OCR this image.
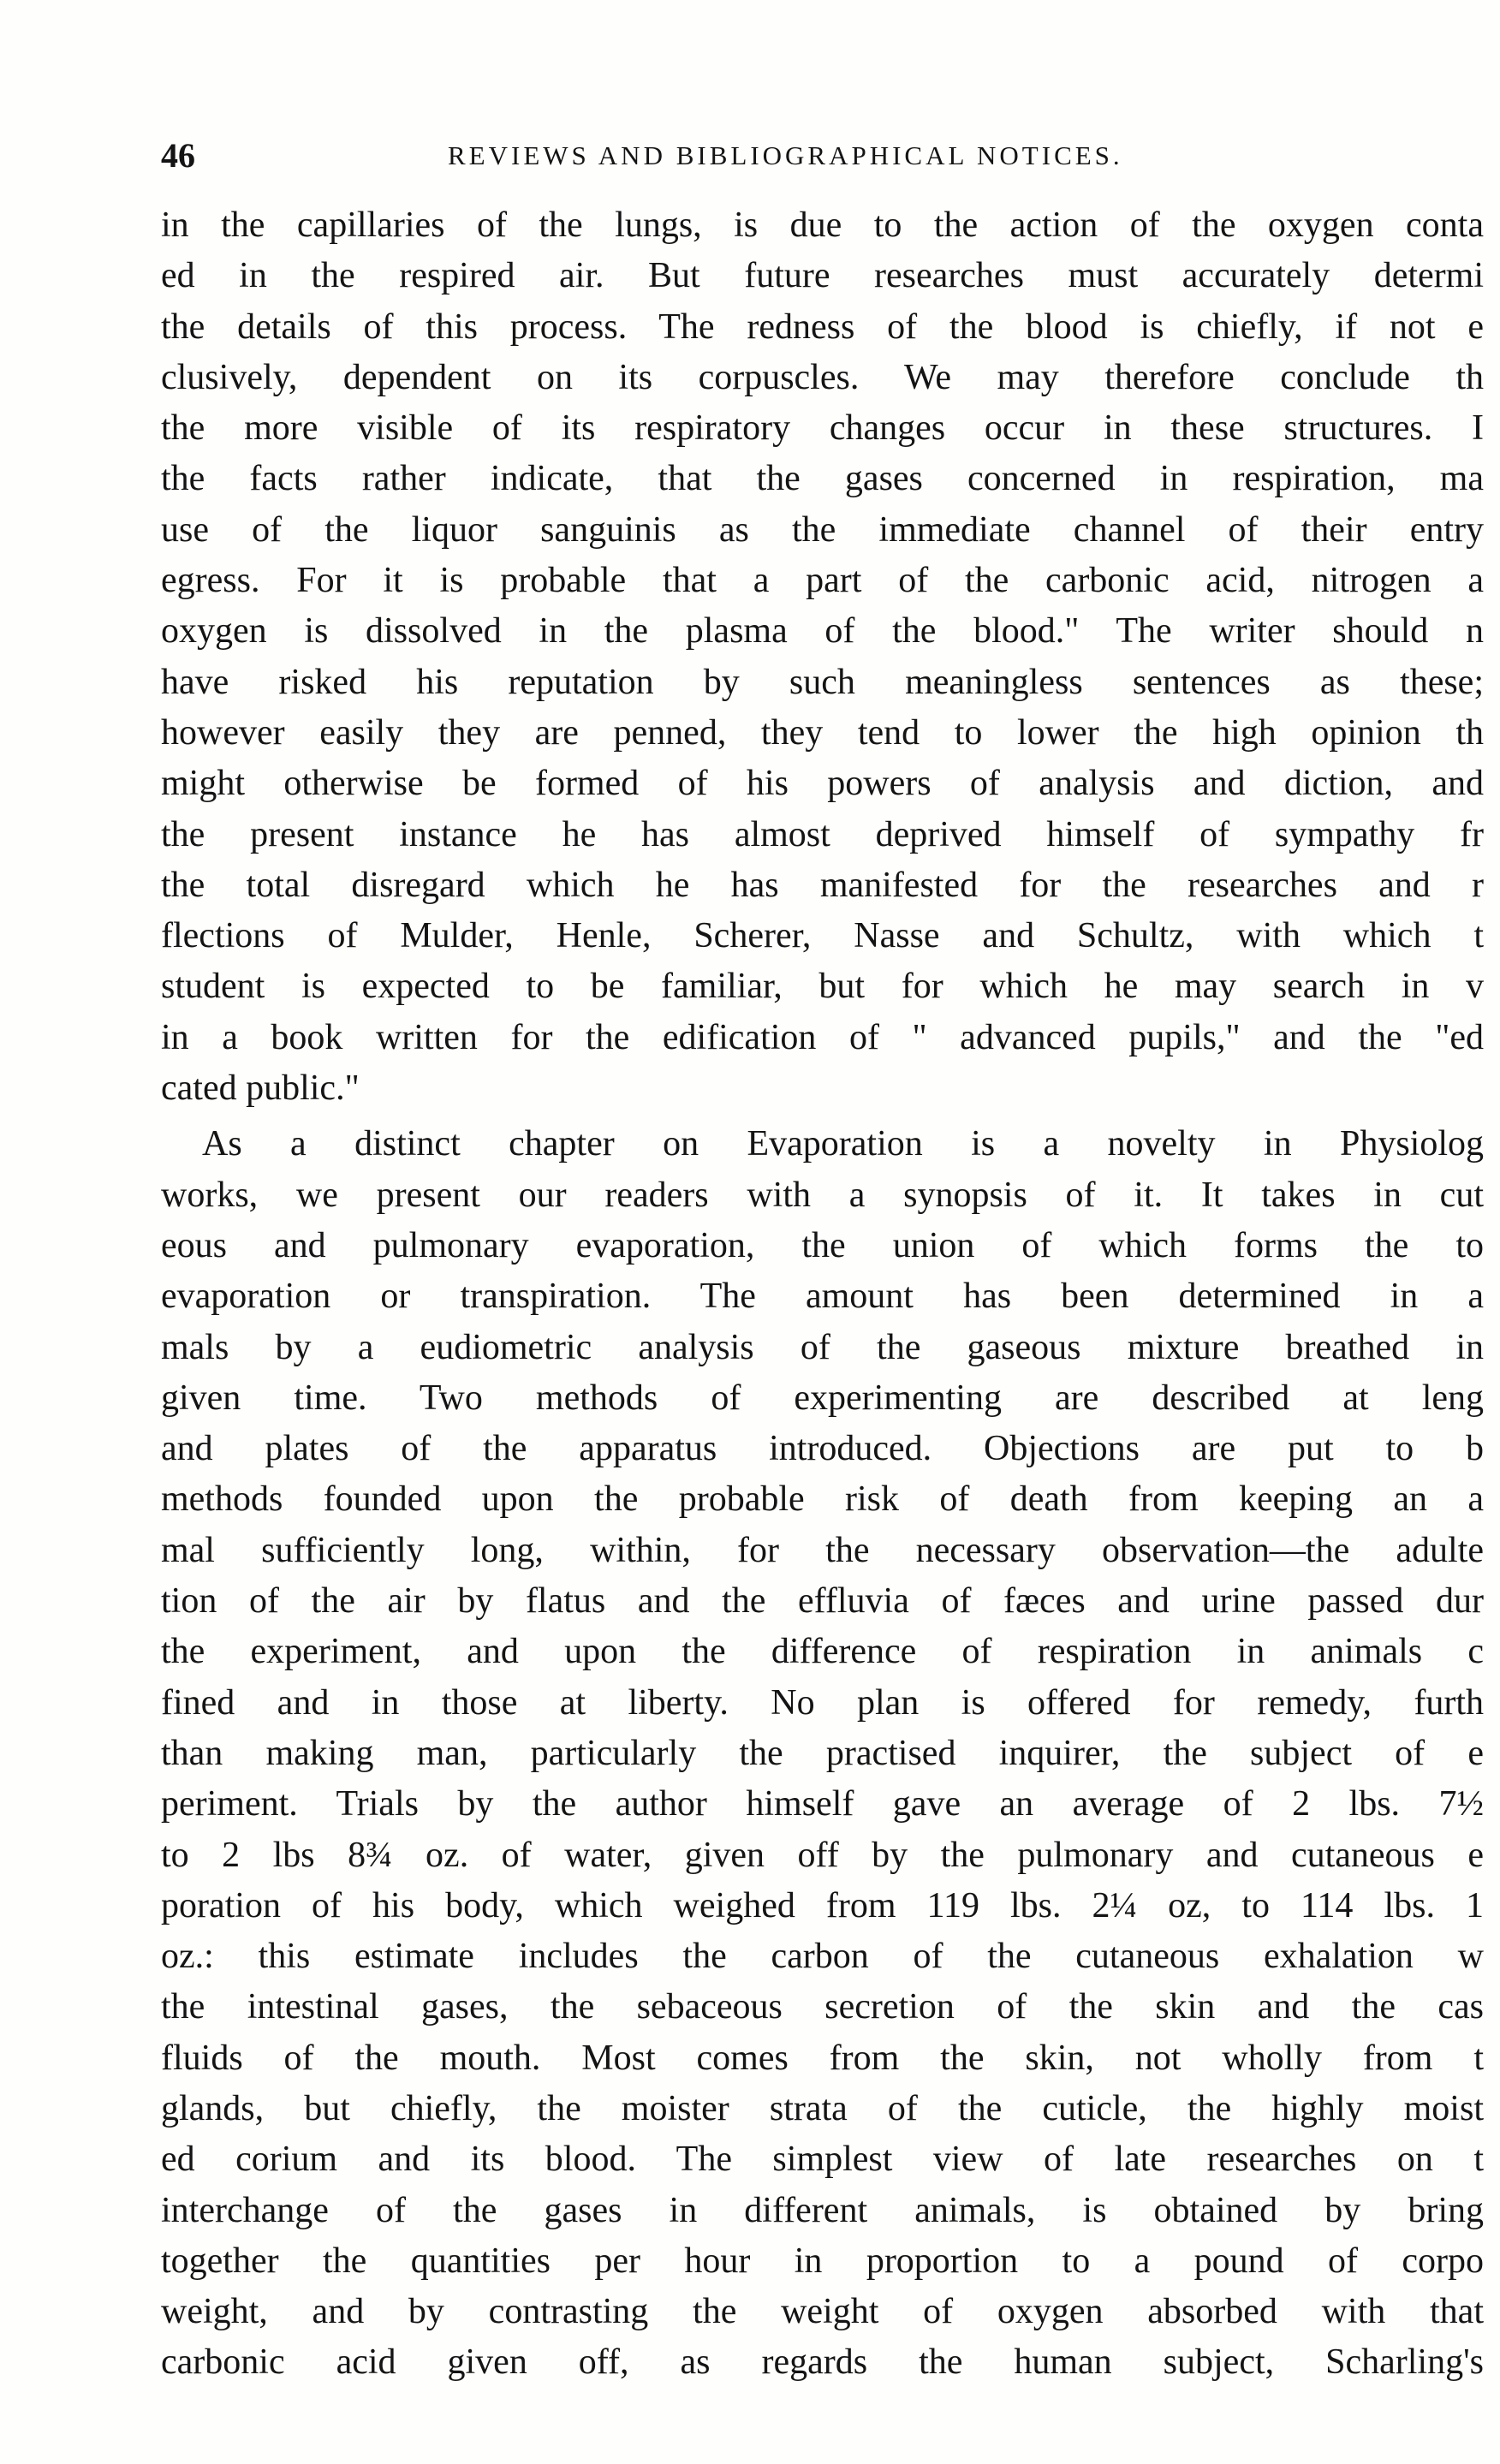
46	REVIEWS AND BIBLIOGRAPHICAL NOTICES.
in the capillaries of the lungs, is due to the action of the oxygen conta
ed in the respired air. But future researches must accurately determi
the details of this process. The redness of the blood is chiefly, if not e
clusively, dependent on its corpuscles. We may therefore conclude th
the more visible of its respiratory changes occur in these structures. I
the facts rather indicate, that the gases concerned in respiration, ma
use of the liquor sanguinis as the immediate channel of their entry
egress. For it is probable that a part of the carbonic acid, nitrogen a
oxygen is dissolved in the plasma of the blood." The writer should n
have risked his reputation by such meaningless sentences as these;
however easily they are penned, they tend to lower the high opinion th
might otherwise be formed of his powers of analysis and diction, and
the present instance he has almost deprived himself of sympathy fr
the total disregard which he has manifested for the researches and r
flections of Mulder, Henle, Scherer, Nasse and Schultz, with which t
student is expected to be familiar, but for which he may search in v
in a book written for the edification of " advanced pupils," and the "ed
cated public."
As a distinct chapter on Evaporation is a novelty in Physiolog
works, we present our readers with a synopsis of it. It takes in cut
eous and pulmonary evaporation, the union of which forms the to
evaporation or transpiration. The amount has been determined in a
mals by a eudiometric analysis of the gaseous mixture breathed in
given time. Two methods of experimenting are described at leng
and plates of the apparatus introduced. Objections are put to b
methods founded upon the probable risk of death from keeping an a
mal sufficiently long, within, for the necessary observation—the adulte
tion of the air by flatus and the effluvia of fæces and urine passed dur
the experiment, and upon the difference of respiration in animals c
fined and in those at liberty. No plan is offered for remedy, furth
than making man, particularly the practised inquirer, the subject of e
periment. Trials by the author himself gave an average of 2 lbs. 7½
to 2 lbs 8¾ oz. of water, given off by the pulmonary and cutaneous e
poration of his body, which weighed from 119 lbs. 2¼ oz, to 114 lbs. 1
oz.: this estimate includes the carbon of the cutaneous exhalation w
the intestinal gases, the sebaceous secretion of the skin and the cas
fluids of the mouth. Most comes from the skin, not wholly from t
glands, but chiefly, the moister strata of the cuticle, the highly moist
ed corium and its blood. The simplest view of late researches on t
interchange of the gases in different animals, is obtained by bring
together the quantities per hour in proportion to a pound of corpo
weight, and by contrasting the weight of oxygen absorbed with that
carbonic acid given off, as regards the human subject, Scharling's
